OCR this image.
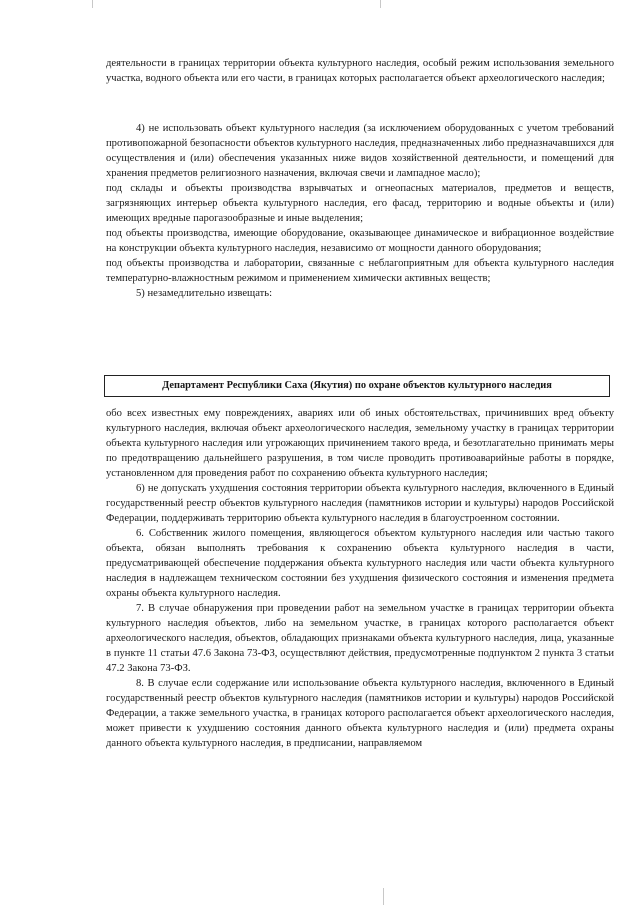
деятельности в границах территории объекта культурного наследия, особый режим использования земельного участка, водного объекта или его части, в границах которых располагается объект археологического наследия;

4) не использовать объект культурного наследия (за исключением оборудованных с учетом требований противопожарной безопасности объектов культурного наследия, предназначенных либо предназначавшихся для осуществления и (или) обеспечения указанных ниже видов хозяйственной деятельности, и помещений для хранения предметов религиозного назначения, включая свечи и лампадное масло);

под склады и объекты производства взрывчатых и огнеопасных материалов, предметов и веществ, загрязняющих интерьер объекта культурного наследия, его фасад, территорию и водные объекты и (или) имеющих вредные парогазообразные и иные выделения;

под объекты производства, имеющие оборудование, оказывающее динамическое и вибрационное воздействие на конструкции объекта культурного наследия, независимо от мощности данного оборудования;

под объекты производства и лаборатории, связанные с неблагоприятным для объекта культурного наследия температурно-влажностным режимом и применением химически активных веществ;

5) незамедлительно извещать:

Департамент Республики Саха (Якутия) по охране объектов культурного наследия

обо всех известных ему повреждениях, авариях или об иных обстоятельствах, причинивших вред объекту культурного наследия, включая объект археологического наследия, земельному участку в границах территории объекта культурного наследия или угрожающих причинением такого вреда, и безотлагательно принимать меры по предотвращению дальнейшего разрушения, в том числе проводить противоаварийные работы в порядке, установленном для проведения работ по сохранению объекта культурного наследия;

6) не допускать ухудшения состояния территории объекта культурного наследия, включенного в Единый государственный реестр объектов культурного наследия (памятников истории и культуры) народов Российской Федерации, поддерживать территорию объекта культурного наследия в благоустроенном состоянии.

6. Собственник жилого помещения, являющегося объектом культурного наследия или частью такого объекта, обязан выполнять требования к сохранению объекта культурного наследия в части, предусматривающей обеспечение поддержания объекта культурного наследия или части объекта культурного наследия в надлежащем техническом состоянии без ухудшения физического состояния и изменения предмета охраны объекта культурного наследия.

7. В случае обнаружения при проведении работ на земельном участке в границах территории объекта культурного наследия объектов, либо на земельном участке, в границах которого располагается объект археологического наследия, объектов, обладающих признаками объекта культурного наследия, лица, указанные в пункте 11 статьи 47.6 Закона 73-ФЗ, осуществляют действия, предусмотренные подпунктом 2 пункта 3 статьи 47.2 Закона 73-ФЗ.

8. В случае если содержание или использование объекта культурного наследия, включенного в Единый государственный реестр объектов культурного наследия (памятников истории и культуры) народов Российской Федерации, а также земельного участка, в границах которого располагается объект археологического наследия, может привести к ухудшению состояния данного объекта культурного наследия и (или) предмета охраны данного объекта культурного наследия, в предписании, направляемом
